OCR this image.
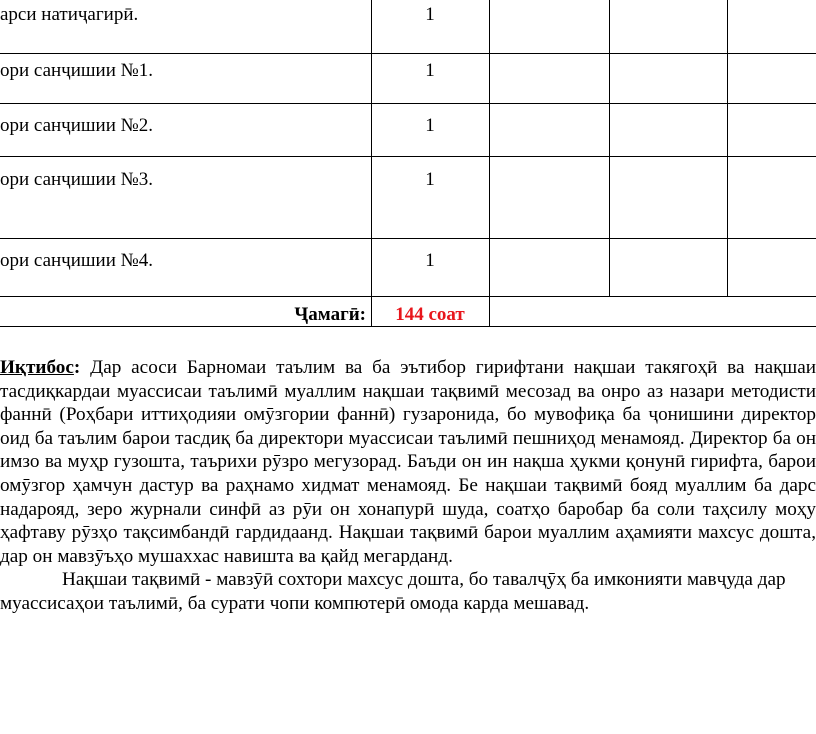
арси натиҷагирӣ.	1
ори санҷишии №1.	1
ори санҷишии №2.	1
ори санҷишии №3.	1
ори санҷишии №4.	1
Ҷамагӣ:	144 соат

Иқтибос: Дар асоси Барномаи таълим ва ба эътибор гирифтани нақшаи такягоҳӣ ва нақшаи тасдиқкардаи муассисаи таълимӣ муаллим нақшаи тақвимӣ месозад ва онро аз назари методисти фаннӣ (Роҳбари иттиҳодияи омӯзгории фаннӣ) гузаронида, бо мувофиқа ба ҷонишини директор оид ба таълим барои тасдиқ ба директори муассисаи таълимӣ пешниҳод менамояд. Директор ба он имзо ва муҳр гузошта, таърихи рӯзро мегузорад. Баъди он ин нақша ҳукми қонунӣ гирифта, барои омӯзгор ҳамчун дастур ва раҳнамо хидмат менамояд. Бе нақшаи тақвимӣ бояд муаллим ба дарс надарояд, зеро журнали синфӣ аз рӯи он хонапурӣ шуда, соатҳо баробар ба соли таҳсилу моҳу ҳафтаву рӯзҳо тақсимбандӣ гардидаанд. Нақшаи тақвимӣ барои муаллим аҳамияти махсус дошта, дар он мавзӯъҳо мушаххас навишта ва қайд мегарданд.

Нақшаи тақвимӣ - мавзӯӣ сохтори махсус дошта, бо тавалҷӯҳ ба имконияти мавҷуда дар муассисаҳои таълимӣ, ба сурати чопи компютерӣ омода карда мешавад.
